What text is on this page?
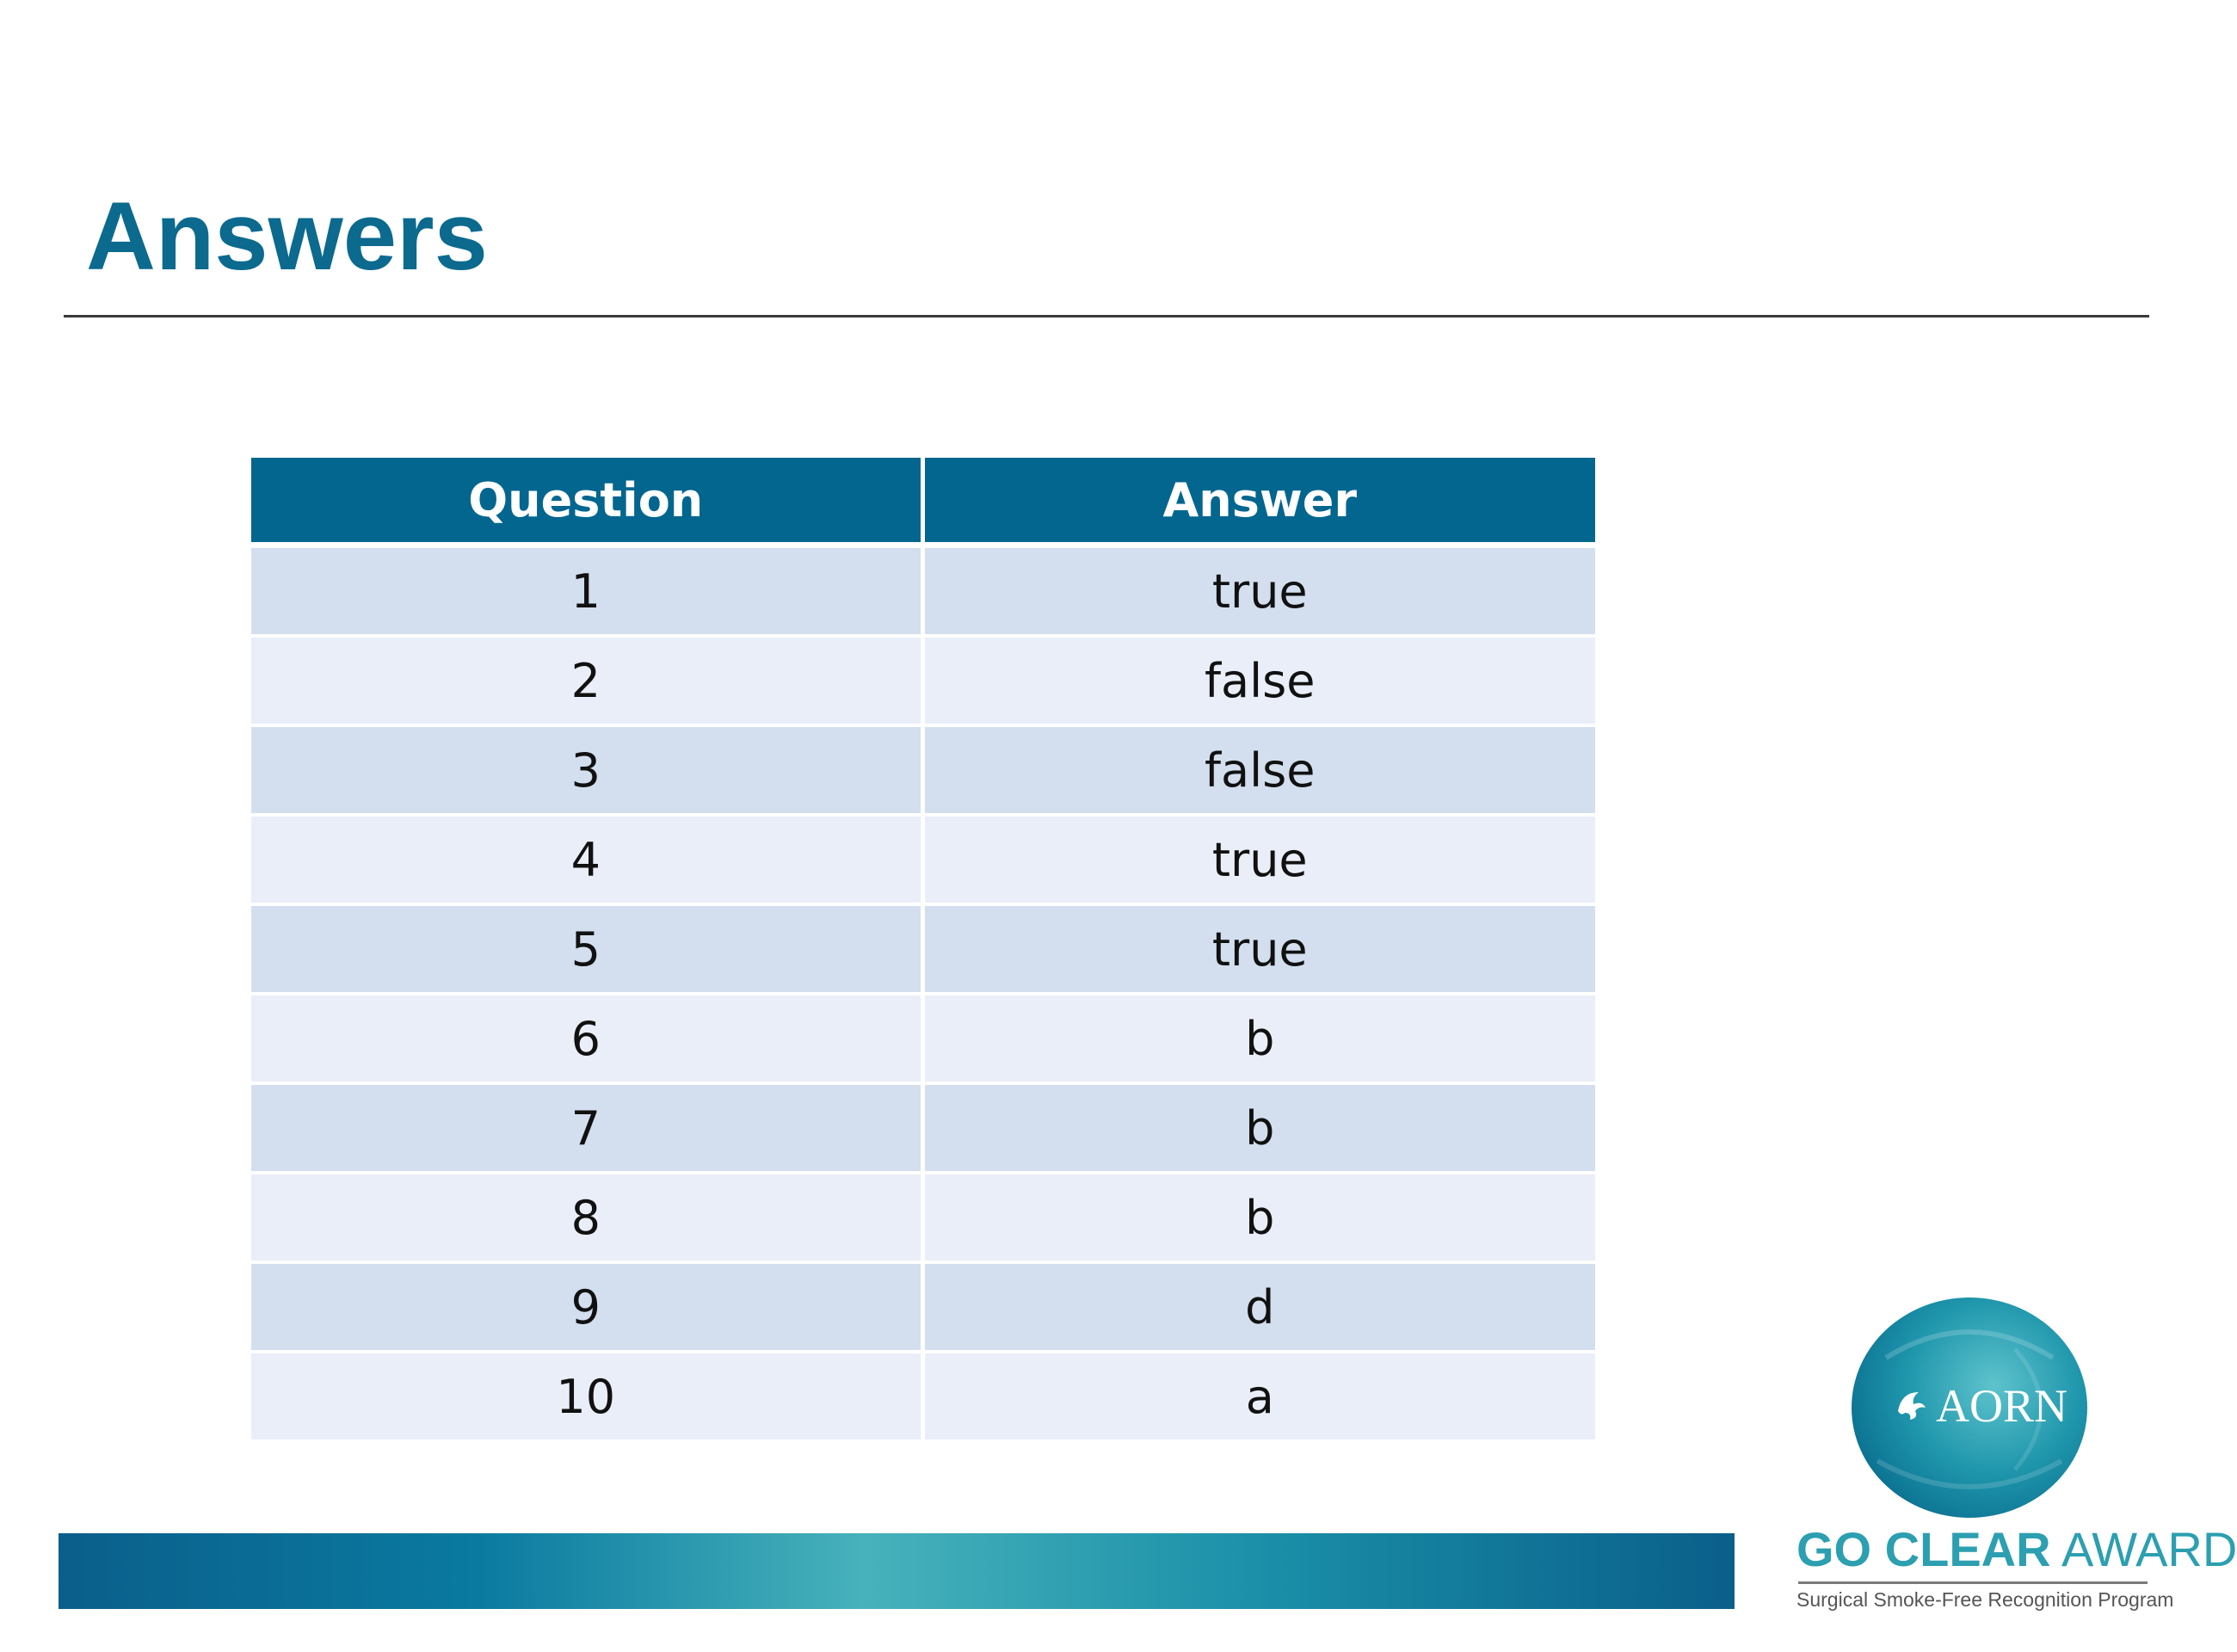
Answers
Question	Answer
1	true
2	false
3	false
4	true
5	true
6	b
7	b
8	b
9	d
10	a	AORN
GO CLEAR AWARD
Surgical Smoke-Free Recognition Program
